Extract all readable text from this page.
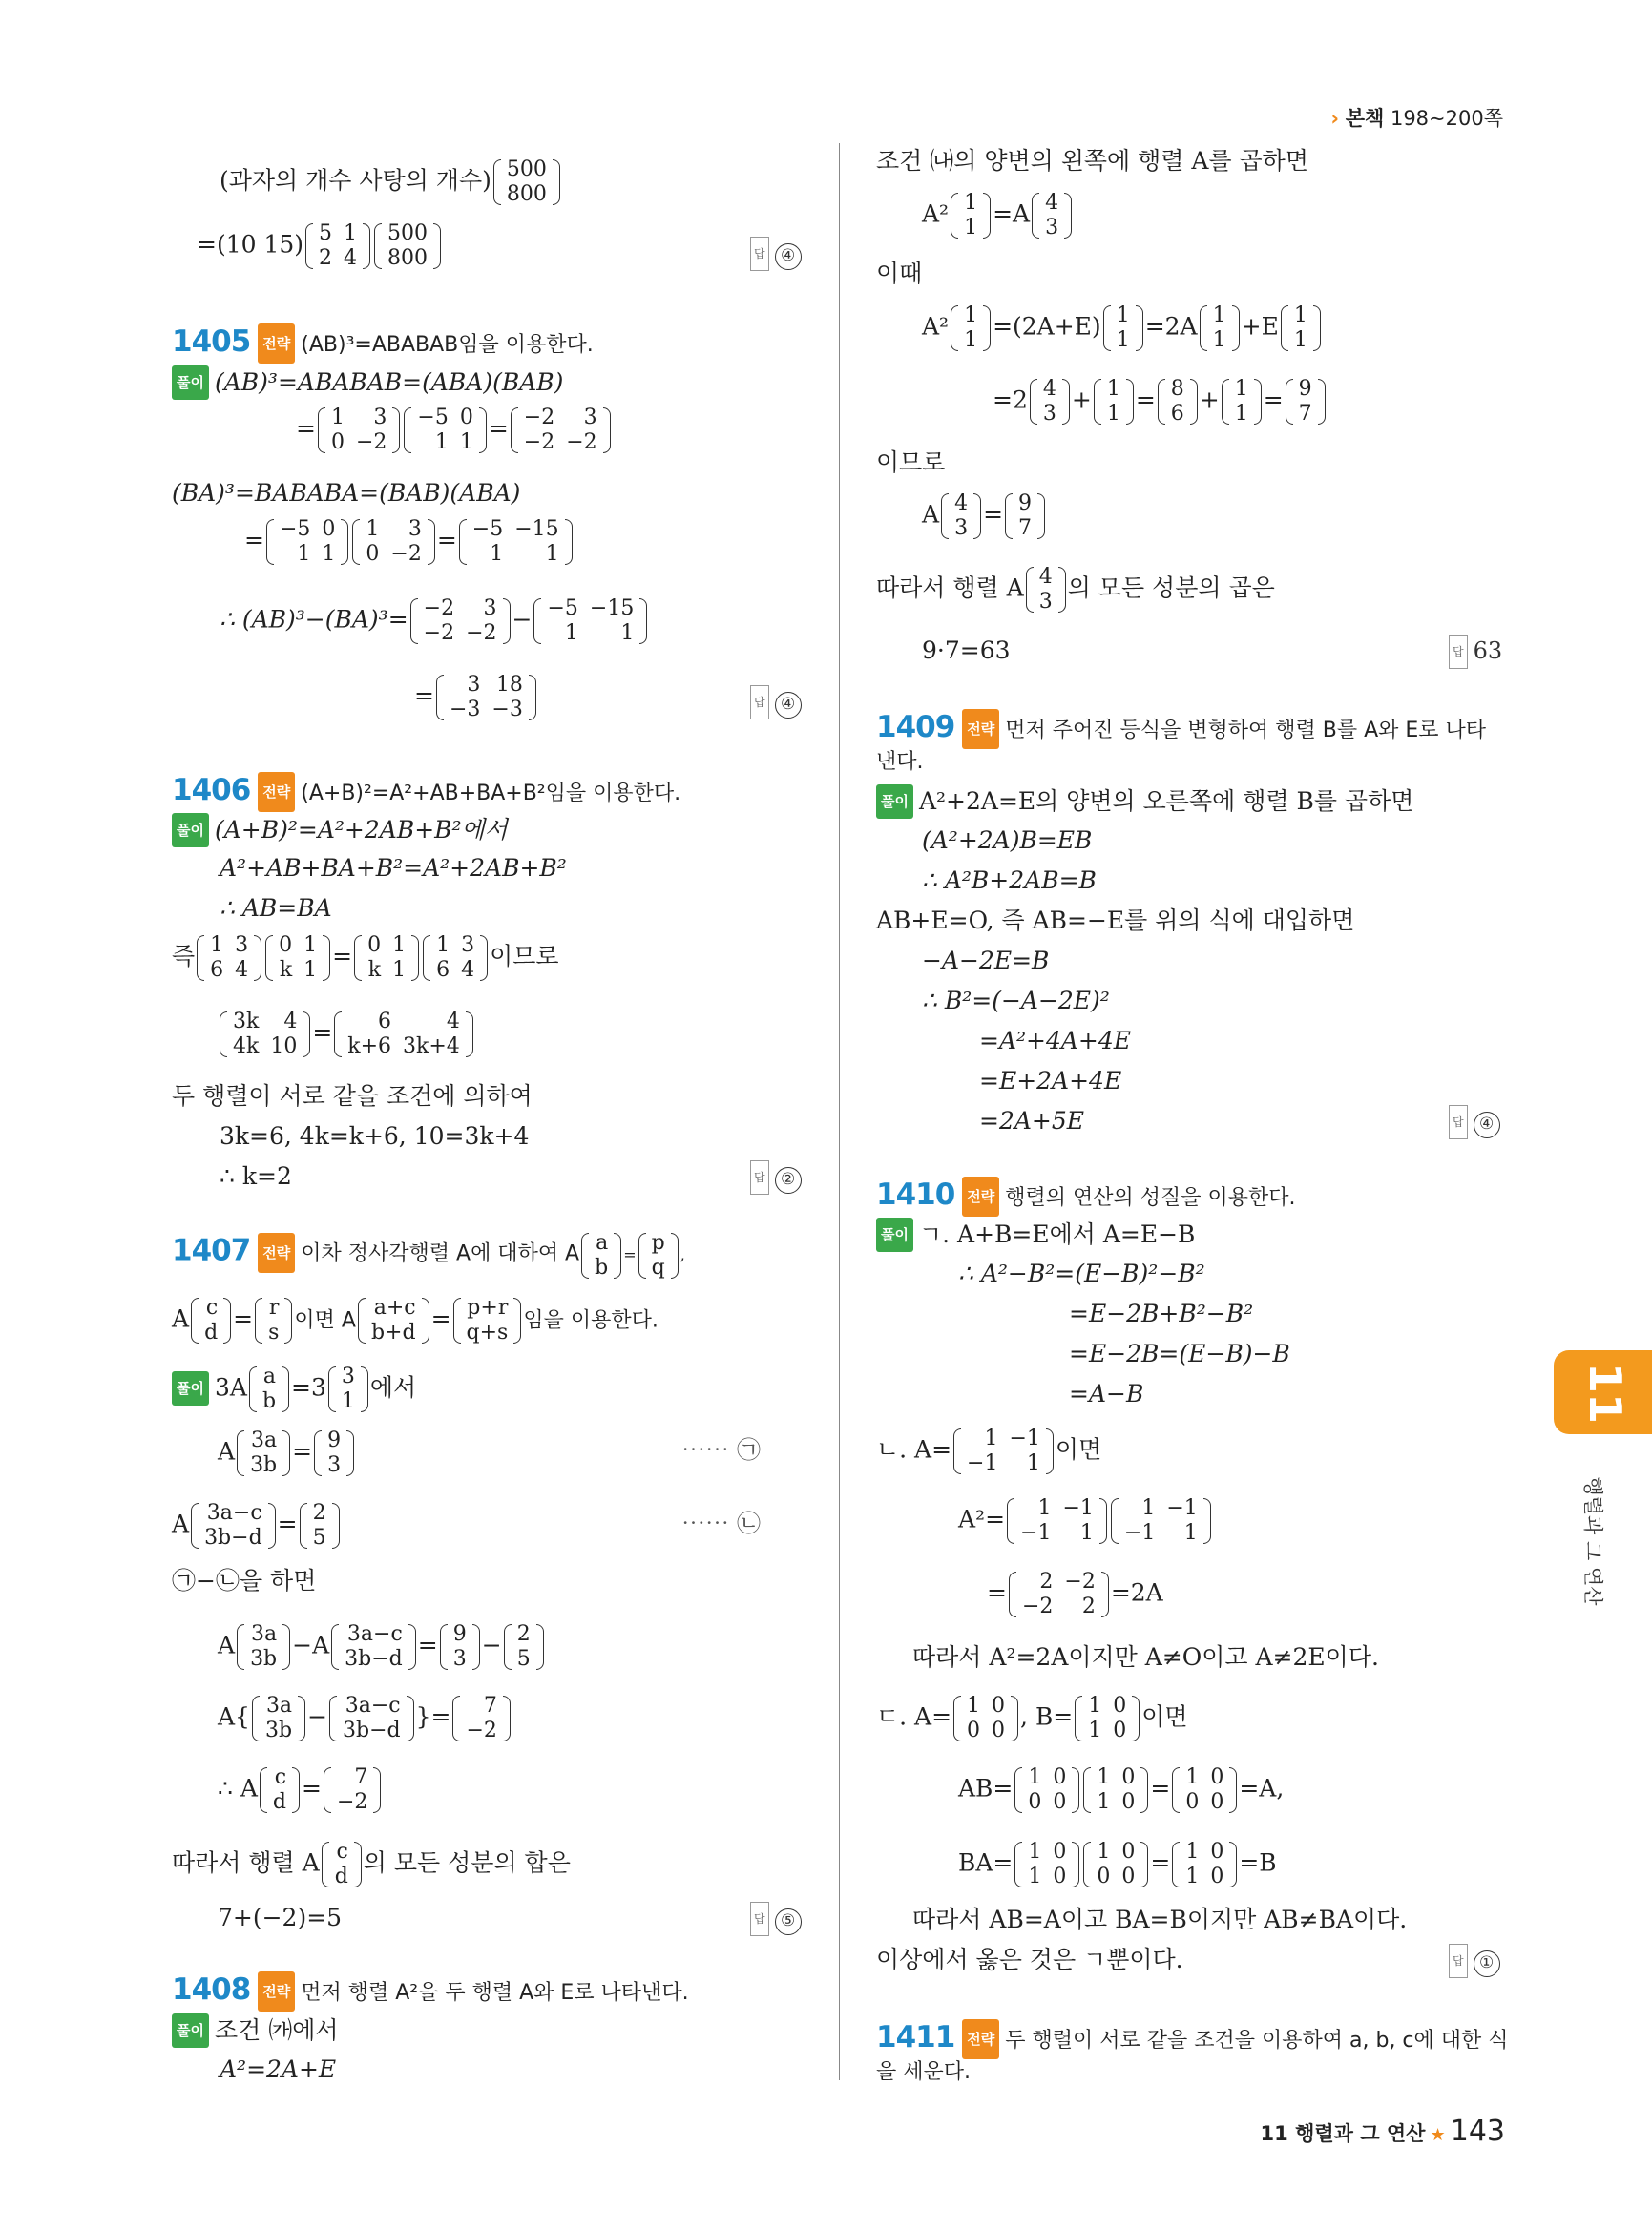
› 본책 198∼200쪽
(과자의 개수 사탕의 개수) 500
800
=(10 15) 5	1
2	4
500
800	답 ④
1405 전략 (AB)³=ABABAB임을 이용한다.
풀이 (AB)³=ABABAB=(ABA)(BAB)
= 1	3
0	−2
−5	0
1	1 = −2	3
−2	−2
(BA)³=BABABA=(BAB)(ABA)
= −5	0
1	1
1	3
0	−2 = −5	−15
1	1
∴ (AB)³−(BA)³= −2	3
−2	−2 − −5	−15
1	1
= 3	18
−3	−3	답 ④
1406 전략 (A+B)²=A²+AB+BA+B²임을 이용한다.
풀이 (A+B)²=A²+2AB+B²에서
A²+AB+BA+B²=A²+2AB+B²
∴ AB=BA
즉 1	3
6	4
0	1
k	1 = 0	1
k	1
1	3
6	4 이므로
3k	4
4k	10 = 6	4
k+6	3k+4
두 행렬이 서로 같을 조건에 의하여
3k=6, 4k=k+6, 10=3k+4
∴ k=2	답 ②
1407 전략 이차 정사각행렬 A에 대하여 A a
b
= p
q
,
A c
d = r
s 이면 A
a+c
b+d = p+r
q+s 임을 이용한다.
풀이 3A a
b =3 3
1 에서
A 3a
3b = 9
3
⋯⋯ ㉠
A 3a−c
3b−d = 2
5
⋯⋯ ㉡
㉠−㉡을 하면
A 3a
3b −A 3a−c
3b−d = 9
3 − 2
5
A{ 3a
3b − 3a−c
3b−d }= 7
−2
∴ A c
d = 7
−2
따라서 행렬 A c
d 의 모든 성분의 합은
7+(−2)=5	답 ⑤
1408 전략 먼저 행렬 A²을 두 행렬 A와 E로 나타낸다.
풀이 조건 ㈎에서
A²=2A+E
조건 ㈏의 양변의 왼쪽에 행렬 A를 곱하면
A² 1
1 =A 4
3
이때
A² 1
1 =(2A+E) 1
1 =2A 1
1 +E 1
1
=2 4
3 + 1
1 = 8
6 + 1
1 = 9
7
이므로
A 4
3 = 9
7
따라서 행렬 A 4
3 의 모든 성분의 곱은
9·7=63	답 63
1409 전략 먼저 주어진 등식을 변형하여 행렬 B를 A와 E로 나타
낸다.
풀이 A²+2A=E의 양변의 오른쪽에 행렬 B를 곱하면
(A²+2A)B=EB
∴ A²B+2AB=B
AB+E=O, 즉 AB=−E를 위의 식에 대입하면
−A−2E=B
∴ B²=(−A−2E)²
=A²+4A+4E
=E+2A+4E
=2A+5E	답 ④
1410 전략 행렬의 연산의 성질을 이용한다.
풀이 ㄱ. A+B=E에서 A=E−B
∴ A²−B²=(E−B)²−B²
=E−2B+B²−B²
=E−2B=(E−B)−B
=A−B
ㄴ. A= 1	−1
−1	1 이면
A²= 1	−1
−1	1
1	−1
−1	1
= 2	−2
−2	2 =2A
따라서 A²=2A이지만 A≠O이고 A≠2E이다.
ㄷ. A= 1	0
0	0 , B= 1	0
1	0 이면
AB= 1	0
0	0
1	0
1	0 = 1	0
0	0 =A,
BA= 1	0
1	0
1	0
0	0 = 1	0
1	0 =B
따라서 AB=A이고 BA=B이지만 AB≠BA이다.
이상에서 옳은 것은 ㄱ뿐이다.	답 ①
1411 전략 두 행렬이 서로 같을 조건을 이용하여 a, b, c에 대한 식
을 세운다.
11
행렬과 그 연산
11 행렬과 그 연산 ★ 143
